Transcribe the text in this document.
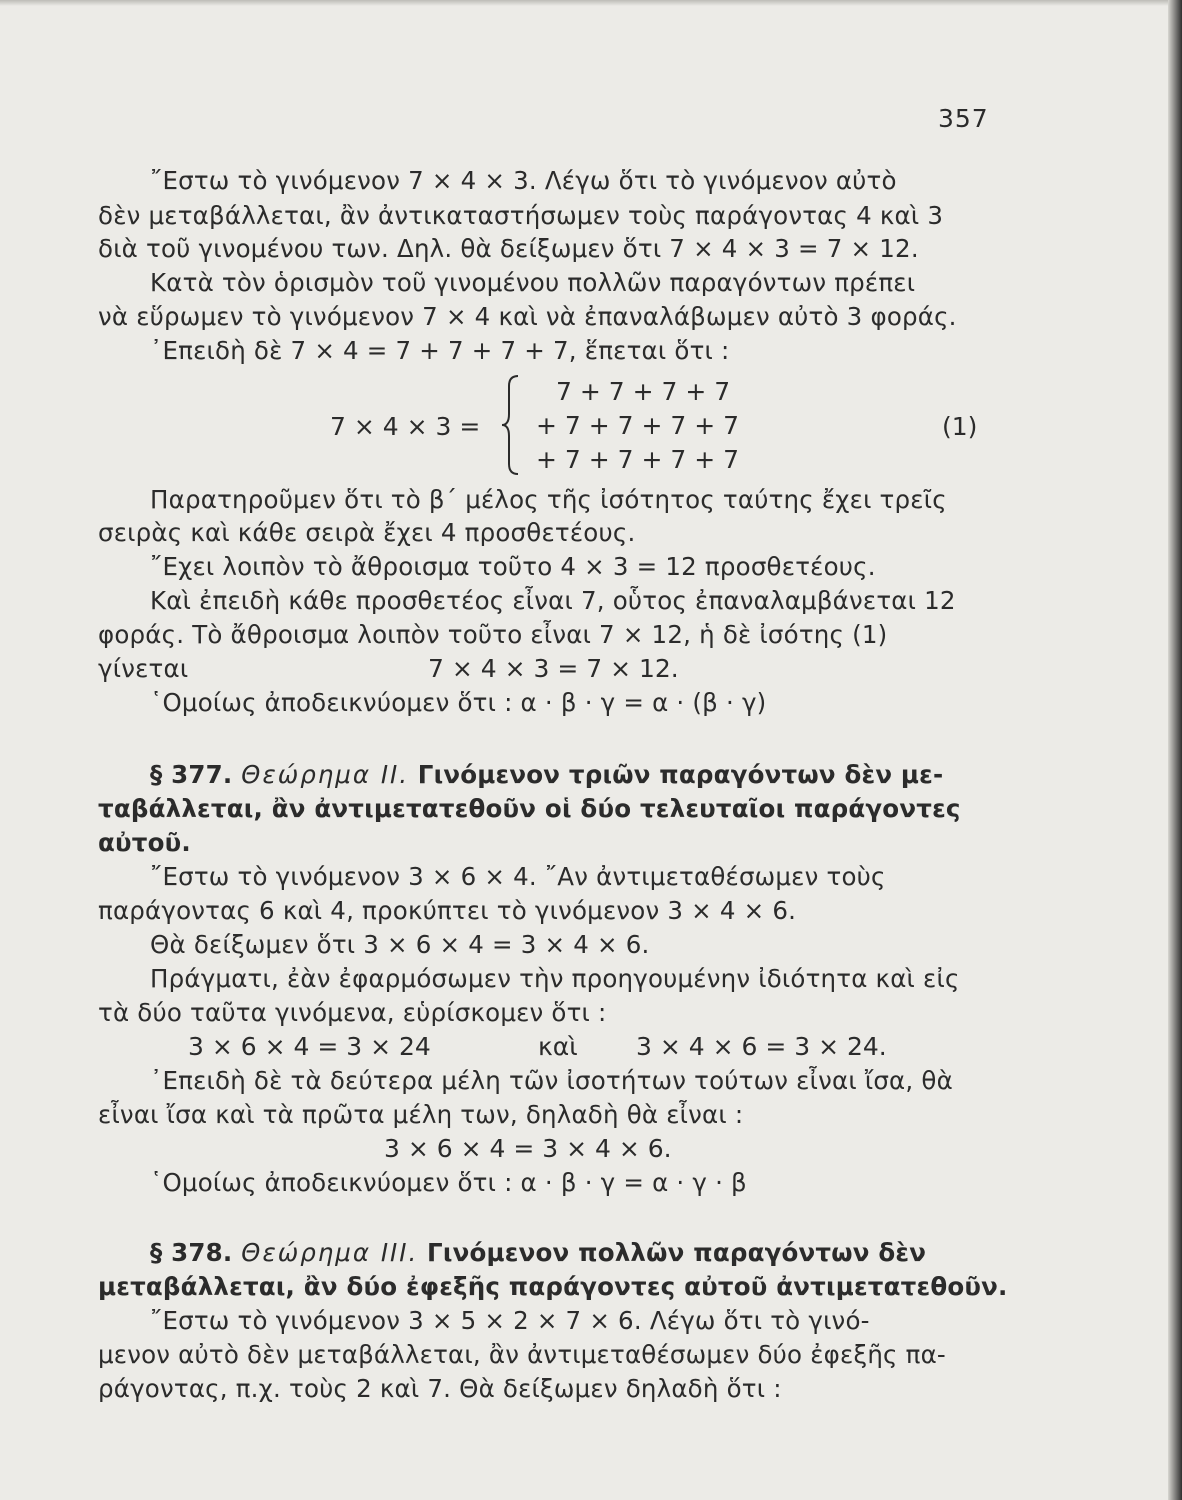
357
῎Εστω τὸ γινόμενον 7 × 4 × 3. Λέγω ὅτι τὸ γινόμενον αὐτὸ
δὲν μεταβάλλεται, ἂν ἀντικαταστήσωμεν τοὺς παράγοντας 4 καὶ 3
διὰ τοῦ γινομένου των. Δηλ. θὰ δείξωμεν ὅτι 7 × 4 × 3 = 7 × 12.
Κατὰ τὸν ὁρισμὸν τοῦ γινομένου πολλῶν παραγόντων πρέπει
νὰ εὕρωμεν τὸ γινόμενον 7 × 4 καὶ νὰ ἐπαναλάβωμεν αὐτὸ 3 φοράς.
᾿Επειδὴ δὲ 7 × 4 = 7 + 7 + 7 + 7, ἕπεται ὅτι :
7 × 4 × 3 =
7 + 7 + 7 + 7
+ 7 + 7 + 7 + 7
+ 7 + 7 + 7 + 7
(1)
Παρατηροῦμεν ὅτι τὸ β΄ μέλος τῆς ἰσότητος ταύτης ἔχει τρεῖς
σειρὰς καὶ κάθε σειρὰ ἔχει 4 προσθετέους.
῎Εχει λοιπὸν τὸ ἄθροισμα τοῦτο 4 × 3 = 12 προσθετέους.
Καὶ ἐπειδὴ κάθε προσθετέος εἶναι 7, οὗτος ἐπαναλαμβάνεται 12
φοράς. Τὸ ἄθροισμα λοιπὸν τοῦτο εἶναι 7 × 12, ἡ δὲ ἰσότης (1)
γίνεται	7 × 4 × 3 = 7 × 12.
῾Ομοίως ἀποδεικνύομεν ὅτι : α · β · γ = α · (β · γ)
§ 377. Θεώρημα ΙΙ. Γινόμενον τριῶν παραγόντων δὲν με-
ταβάλλεται, ἂν ἀντιμετατεθοῦν οἱ δύο τελευταῖοι παράγοντες
αὐτοῦ.
῎Εστω τὸ γινόμενον 3 × 6 × 4. ῎Αν ἀντιμεταθέσωμεν τοὺς
παράγοντας 6 καὶ 4, προκύπτει τὸ γινόμενον 3 × 4 × 6.
Θὰ δείξωμεν ὅτι 3 × 6 × 4 = 3 × 4 × 6.
Πράγματι, ἐὰν ἐφαρμόσωμεν τὴν προηγουμένην ἰδιότητα καὶ εἰς
τὰ δύο ταῦτα γινόμενα, εὑρίσκομεν ὅτι :
3 × 6 × 4 = 3 × 24	καὶ 3 × 4 × 6 = 3 × 24.
᾿Επειδὴ δὲ τὰ δεύτερα μέλη τῶν ἰσοτήτων τούτων εἶναι ἴσα, θὰ
εἶναι ἴσα καὶ τὰ πρῶτα μέλη των, δηλαδὴ θὰ εἶναι :
3 × 6 × 4 = 3 × 4 × 6.
῾Ομοίως ἀποδεικνύομεν ὅτι : α · β · γ = α · γ · β
§ 378. Θεώρημα ΙΙΙ. Γινόμενον πολλῶν παραγόντων δὲν
μεταβάλλεται, ἂν δύο ἐφεξῆς παράγοντες αὐτοῦ ἀντιμετατεθοῦν.
῎Εστω τὸ γινόμενον 3 × 5 × 2 × 7 × 6. Λέγω ὅτι τὸ γινό-
μενον αὐτὸ δὲν μεταβάλλεται, ἂν ἀντιμεταθέσωμεν δύο ἐφεξῆς πα-
ράγοντας, π.χ. τοὺς 2 καὶ 7. Θὰ δείξωμεν δηλαδὴ ὅτι :
